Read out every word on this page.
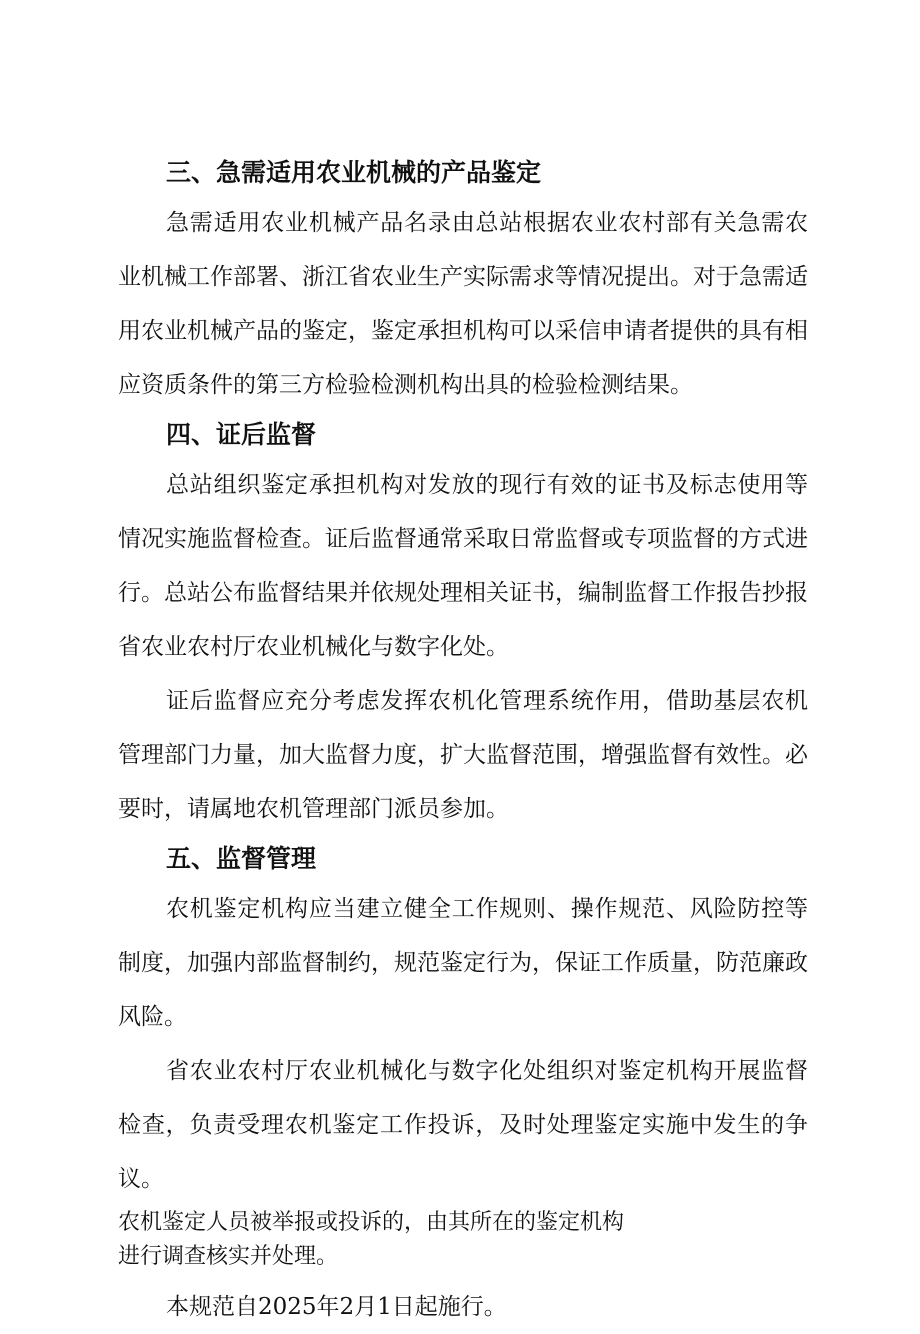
三、急需适用农业机械的产品鉴定

急需适用农业机械产品名录由总站根据农业农村部有关急需农业机械工作部署、浙江省农业生产实际需求等情况提出。对于急需适用农业机械产品的鉴定，鉴定承担机构可以采信申请者提供的具有相应资质条件的第三方检验检测机构出具的检验检测结果。

四、证后监督

总站组织鉴定承担机构对发放的现行有效的证书及标志使用等情况实施监督检查。证后监督通常采取日常监督或专项监督的方式进行。总站公布监督结果并依规处理相关证书，编制监督工作报告抄报省农业农村厅农业机械化与数字化处。

证后监督应充分考虑发挥农机化管理系统作用，借助基层农机管理部门力量，加大监督力度，扩大监督范围，增强监督有效性。必要时，请属地农机管理部门派员参加。

五、监督管理

农机鉴定机构应当建立健全工作规则、操作规范、风险防控等制度，加强内部监督制约，规范鉴定行为，保证工作质量，防范廉政风险。

省农业农村厅农业机械化与数字化处组织对鉴定机构开展监督检查，负责受理农机鉴定工作投诉，及时处理鉴定实施中发生的争议。

农机鉴定人员被举报或投诉的，由其所在的鉴定机构

进行调查核实并处理。

本规范自2025年2月1日起施行。
